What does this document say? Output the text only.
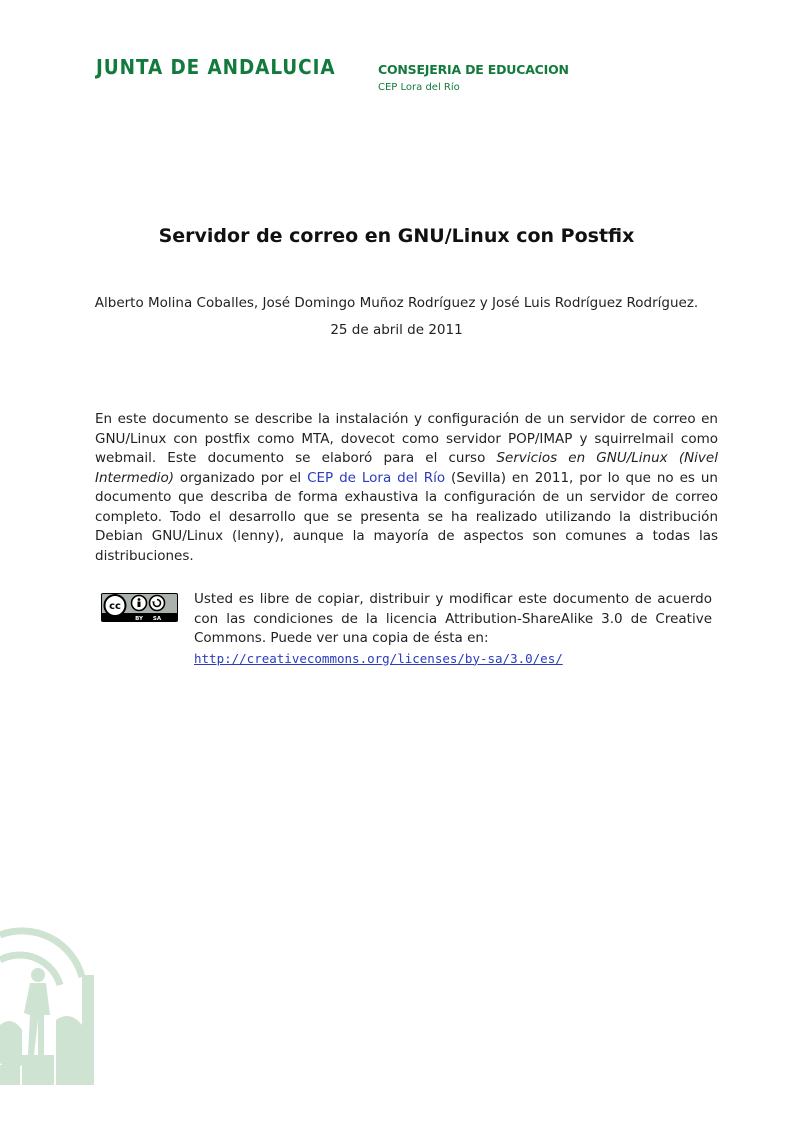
JUNTA DE ANDALUCIA	CONSEJERIA DE EDUCACION
CEP Lora del Río
Servidor de correo en GNU/Linux con Postfix
Alberto Molina Coballes, José Domingo Muñoz Rodríguez y José Luis Rodríguez Rodríguez.
25 de abril de 2011
En este documento se describe la instalación y configuración de un servidor de correo en GNU/Linux con postfix como MTA, dovecot como servidor POP/IMAP y squirrelmail como webmail. Este documento se elaboró para el curso Servicios en GNU/Linux (Nivel Intermedio) organizado por el CEP de Lora del Río (Sevilla) en 2011, por lo que no es un documento que describa de forma exhaustiva la configuración de un servidor de correo completo. Todo el desarrollo que se presenta se ha realizado utilizando la distribución Debian GNU/Linux (lenny), aunque la mayoría de aspectos son comunes a todas las distribuciones.
cc
BY SA
Usted es libre de copiar, distribuir y modificar este documento de acuerdo con las condiciones de la licencia Attribution-ShareAlike 3.0 de Creative Commons. Puede ver una copia de ésta en:
http://creativecommons.org/licenses/by-sa/3.0/es/
